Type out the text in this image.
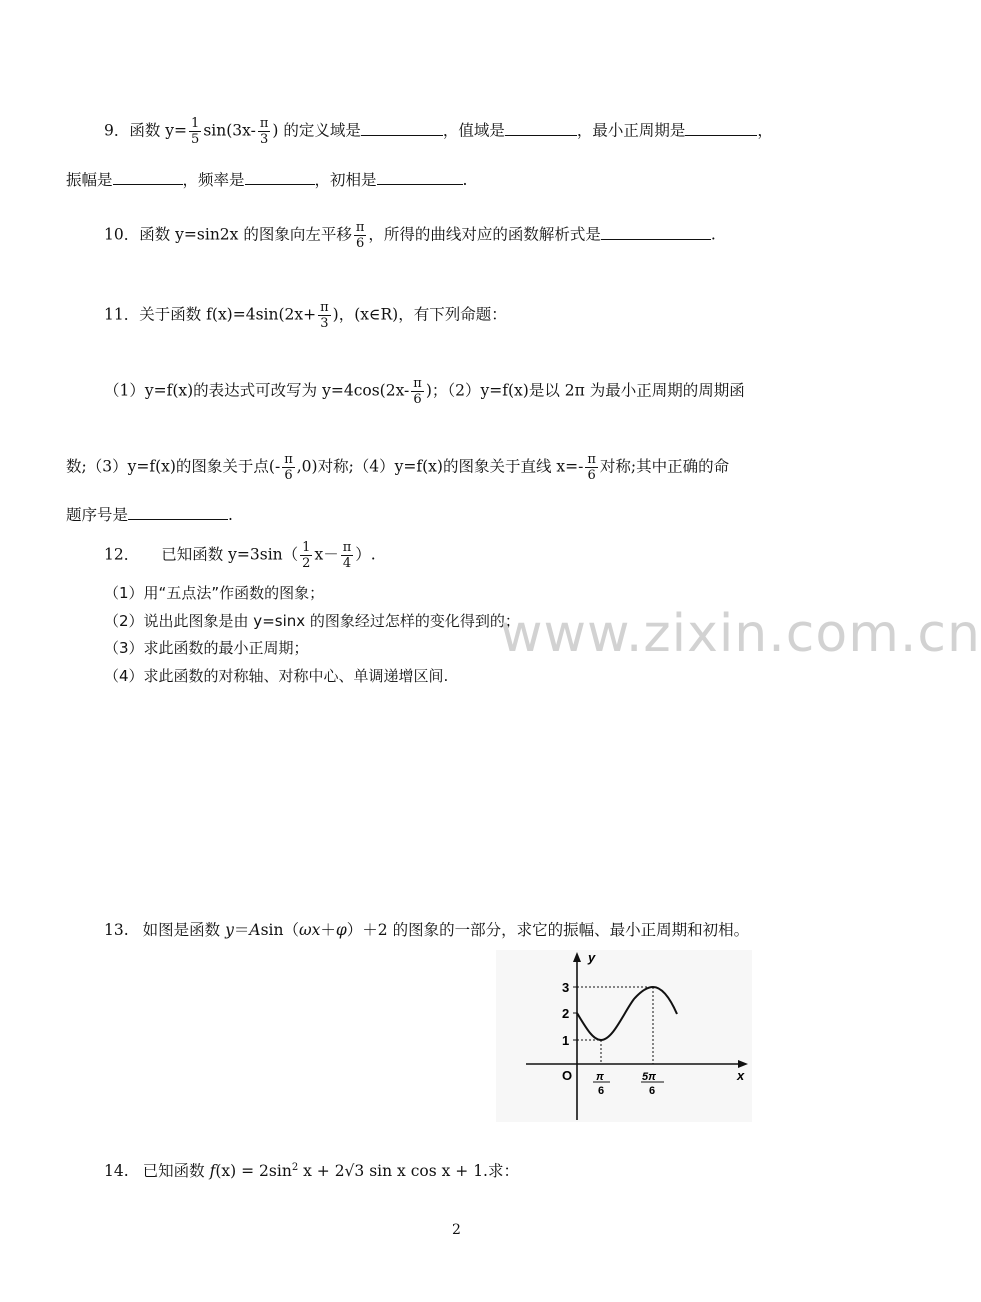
9．函数 $y= \frac{1}{5} \sin(3x- \frac{\pi}{3}$ ) 的定义域是	，值域是	，最小正周期是	，
振幅是	，频率是	，初相是	.
10．函数 y=sin2x 的图象向左平移 $\frac{\pi}{6}$ ，所得的曲线对应的函数解析式是	.
11．关于函数 $f(x)=4\sin(2x+ \frac{\pi}{3}$ )，(x∈R)，有下列命题：
（1）y=f(x)的表达式可改写为 $y=4\cos(2x- \frac{\pi}{6}$ )；（2）y=f(x)是以 2π 为最小正周期的周期函
数;（3）y=f(x)的图象关于点(- $\frac{\pi}{6} ,0$)对称;（4）y=f(x)的图象关于直线 $x=- \frac{\pi}{6}$ 对称;其中正确的命
题序号是	.
12． 已知函数 $y=3\sin( \frac{1}{2} x- \frac{\pi}{4}$ ）.
（1）用“五点法”作函数的图象；
（2）说出此图象是由 y=sinx 的图象经过怎样的变化得到的；
（3）求此函数的最小正周期；
（4）求此函数的对称轴、对称中心、单调递增区间.
www.zixin.com.cn
13. 如图是函数 y＝Asin（ωx＋φ）＋2 的图象的一部分，求它的振幅、最小正周期和初相。
y
x
O
1
2
3
π
6
5π
6
14. 已知函数 $f(x) = 2\sin^2$ x + 2√3 sin x cos x + 1.求：
2
